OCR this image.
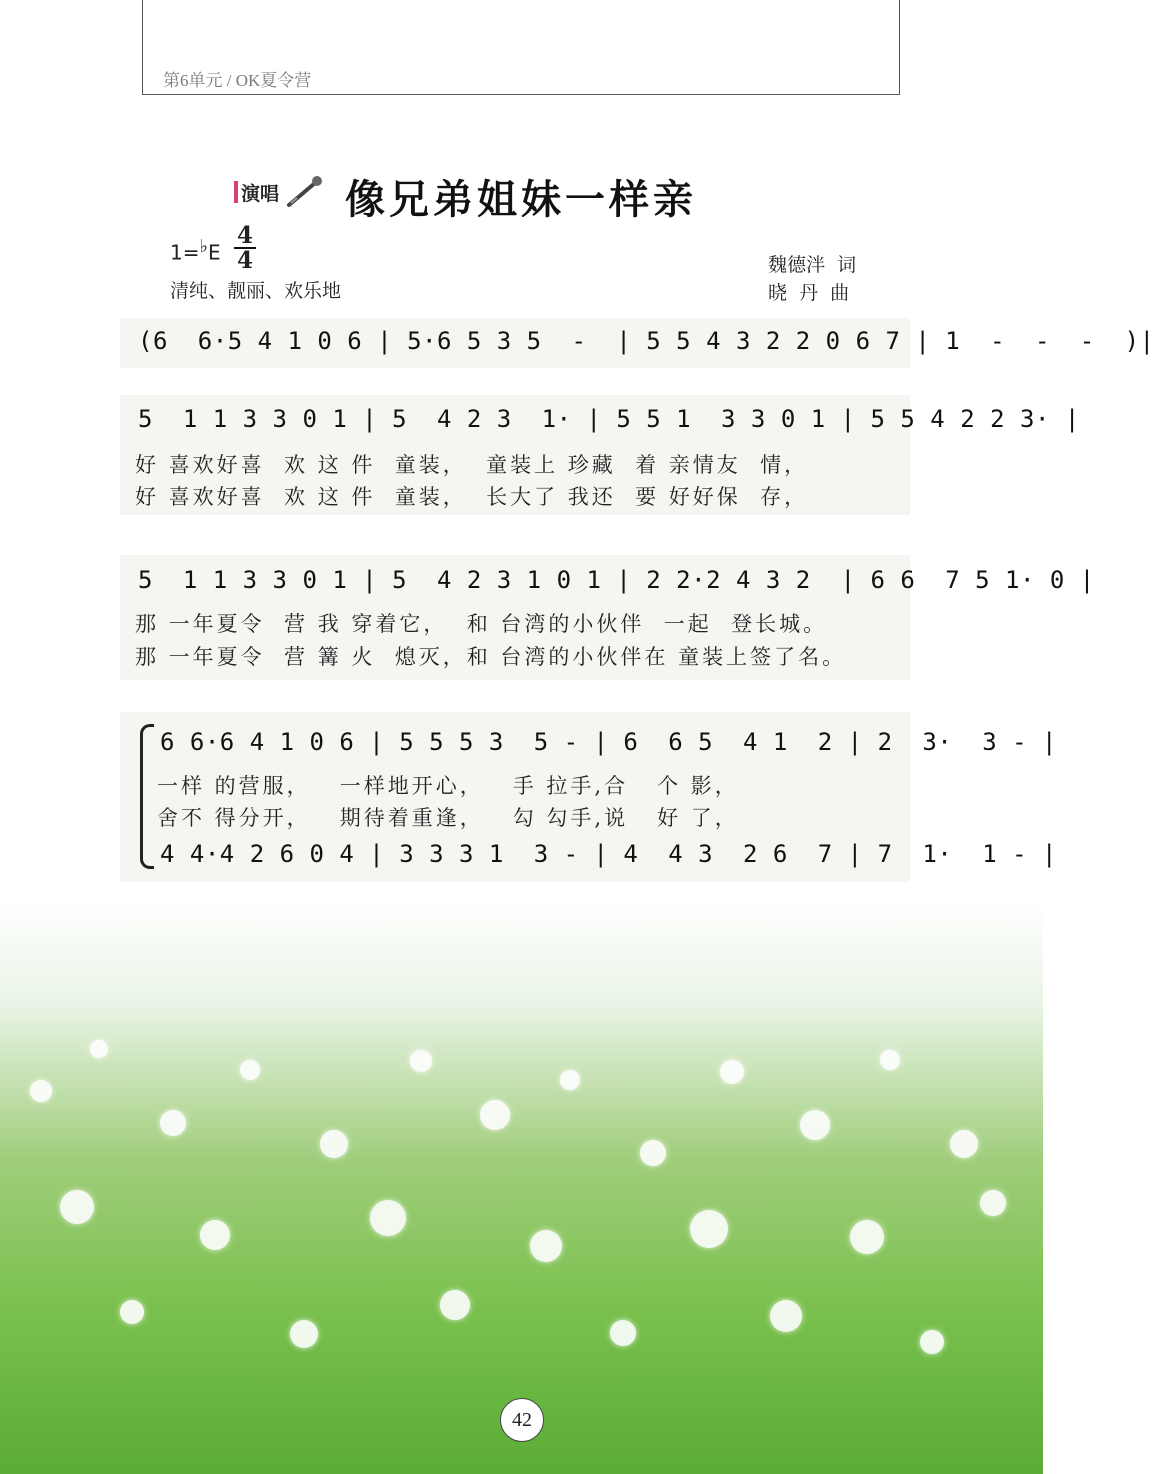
第6单元 / OK夏令营
演唱 像兄弟姐妹一样亲
1=♭E
4
4
清纯、靓丽、欢乐地
魏德泮  词
晓  丹  曲
(6  6·5 4 1 0 6 | 5·6 5 3 5  -  | 5 5 4 3 2 2 0 6 7 | 1  -  -  -  )|
5  1 1 3 3 0 1 | 5  4 2 3  1· | 5 5 1  3 3 0 1 | 5 5 4 2 2 3· |
好 喜欢好喜  欢 这 件  童装，  童装上 珍藏  着 亲情友  情，
好 喜欢好喜  欢 这 件  童装，  长大了 我还  要 好好保  存，
5  1 1 3 3 0 1 | 5  4 2 3 1 0 1 | 2 2·2 4 3 2  | 6 6  7 5 1· 0 |
那 一年夏令  营 我 穿着它，  和 台湾的小伙伴  一起  登长城。
那 一年夏令  营 篝 火  熄灭，和 台湾的小伙伴在 童装上签了名。
6 6·6 4 1 0 6 | 5 5 5 3  5 - | 6  6 5  4 1  2 | 2  3·  3 - |
一样 的营服，   一样地开心，   手 拉手,合   个 影，
舍不 得分开，   期待着重逢，   勾 勾手,说   好 了，
4 4·4 2 6 0 4 | 3 3 3 1  3 - | 4  4 3  2 6  7 | 7  1·  1 - |
42
